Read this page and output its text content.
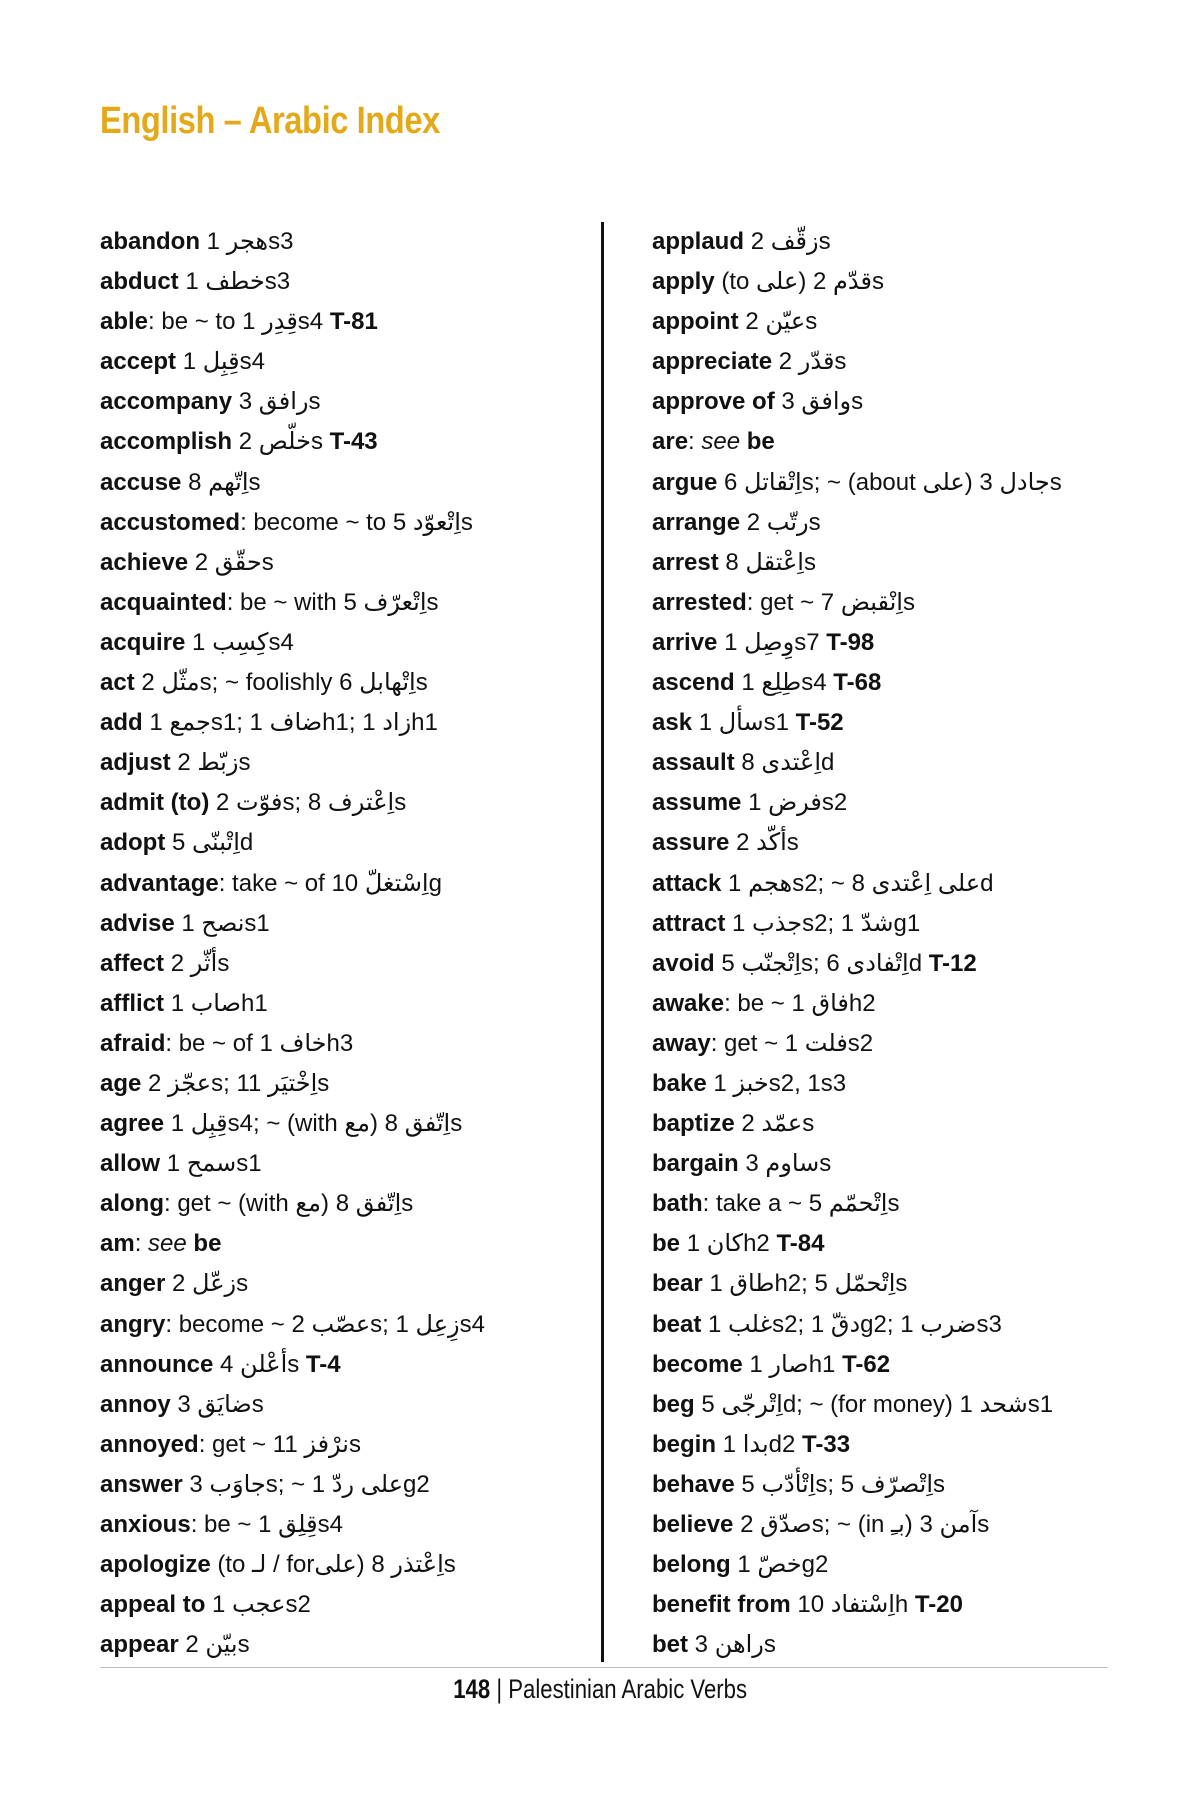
English – Arabic Index
abandon هجر 1s3
abduct خطف 1s3
able: be ~ to قِدِر 1s4 T-81
accept قِبِل 1s4
accompany رافق 3s
accomplish خلّص 2s T-43
accuse اِتّهم 8s
accustomed: become ~ to اِتْعوّد 5s
achieve حقّق 2s
acquainted: be ~ with اِتْعرّف 5s
acquire كِسِب 1s4
act مثّل 2s; ~ foolishly اِتْهابل 6s
add جمع 1s1; ضاف 1h1; زاد 1h1
adjust زبّط 2s
admit (to) فوّت 2s; اِعْترف 8s
adopt اِتْبنّى 5d
advantage: take ~ of اِسْتغلّ 10g
advise نصح 1s1
affect أثّر 2s
afflict صاب 1h1
afraid: be ~ of خاف 1h3
age عجّز 2s; اِخْتيَر 11s
agree قِبِل 1s4; ~ (with مع) اِتّفق 8s
allow سمح 1s1
along: get ~ (with مع) اِتّفق 8s
am: see be
anger زعّل 2s
angry: become ~ عصّب 2s; زِعِل 1s4
announce أعْلن 4s T-4
annoy ضايَق 3s
annoyed: get ~ نرْفز 11s
answer جاوَب 3s; ~ على ردّ 1g2
anxious: be ~ قِلِق 1s4
apologize (to لـ / forعلى) اِعْتذر 8s
appeal to عجب 1s2
appear بيّن 2s
applaud زقّف 2s
apply (to على) قدّم 2s
appoint عيّن 2s
appreciate قدّر 2s
approve of وافق 3s
are: see be
argue اِتْقاتل 6s; ~ (about على) جادل 3s
arrange رتّب 2s
arrest اِعْتقل 8s
arrested: get ~ اِنْقبض 7s
arrive وِصِل 1s7 T-98
ascend طِلِع 1s4 T-68
ask سأل 1s1 T-52
assault اِعْتدى 8d
assume فرض 1s2
assure أكّد 2s
attack هجم 1s2; ~ على اِعْتدى 8d
attract جذب 1s2; شدّ 1g1
avoid اِتْجنّب 5s; اِتْفادى 6d T-12
awake: be ~ فاق 1h2
away: get ~ فلت 1s2
bake خبز 1s2, 1s3
baptize عمّد 2s
bargain ساوم 3s
bath: take a ~ اِتْحمّم 5s
be كان 1h2 T-84
bear طاق 1h2; اِتْحمّل 5s
beat غلب 1s2; دقّ 1g2; ضرب 1s3
become صار 1h1 T-62
beg اِتْرجّى 5d; ~ (for money) شحد 1s1
begin بدا 1d2 T-33
behave اِتْأدّب 5s; اِتْصرّف 5s
believe صدّق 2s; ~ (in بـِ) آمن 3s
belong خصّ 1g2
benefit from اِسْتفاد 10h T-20
bet راهن 3s
148 | Palestinian Arabic Verbs
